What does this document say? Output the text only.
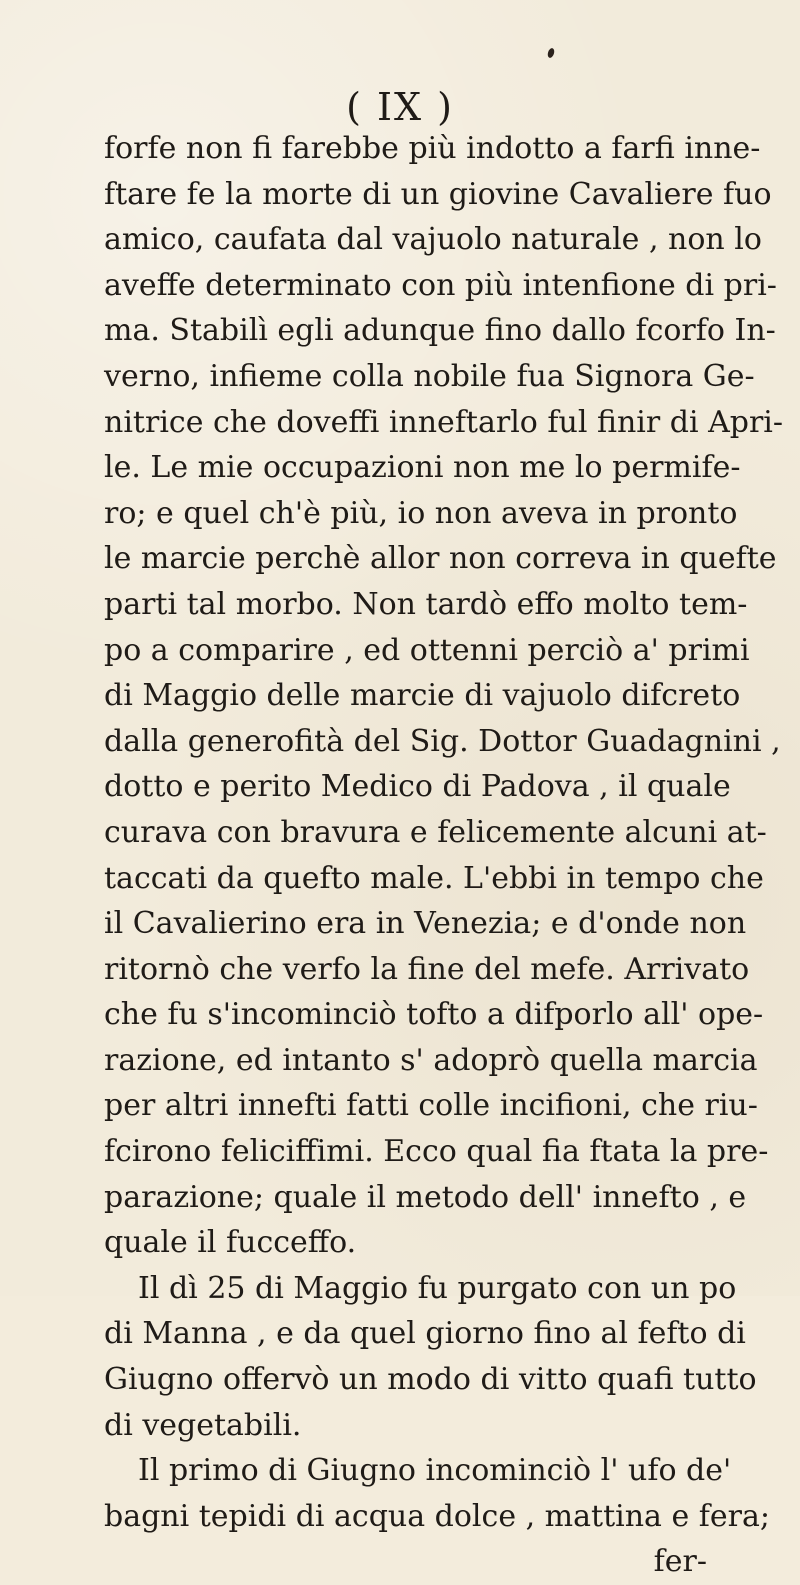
( IX )
forfe non fi farebbe più indotto a farfi inne-
ftare fe la morte di un giovine Cavaliere fuo
amico, caufata dal vajuolo naturale , non lo
aveffe determinato con più intenfione di pri-
ma. Stabilì egli adunque fino dallo fcorfo In-
verno, infieme colla nobile fua Signora Ge-
nitrice che doveffi inneftarlo ful finir di Apri-
le. Le mie occupazioni non me lo permife-
ro; e quel ch'è più, io non aveva in pronto
le marcie perchè allor non correva in quefte
parti tal morbo. Non tardò effo molto tem-
po a comparire , ed ottenni perciò a' primi
di Maggio delle marcie di vajuolo difcreto
dalla generofità del Sig. Dottor Guadagnini ,
dotto e perito Medico di Padova , il quale
curava con bravura e felicemente alcuni at-
taccati da quefto male. L'ebbi in tempo che
il Cavalierino era in Venezia; e d'onde non
ritornò che verfo la fine del mefe. Arrivato
che fu s'incominciò tofto a difporlo all' ope-
razione, ed intanto s' adoprò quella marcia
per altri innefti fatti colle incifioni, che riu-
fcirono feliciffimi. Ecco qual fia ftata la pre-
parazione; quale il metodo dell' innefto , e
quale il fucceffo.
Il dì 25 di Maggio fu purgato con un po
di Manna , e da quel giorno fino al fefto di
Giugno offervò un modo di vitto quafi tutto
di vegetabili.
Il primo di Giugno incominciò l' ufo de'
bagni tepidi di acqua dolce , mattina e fera;
fer-
